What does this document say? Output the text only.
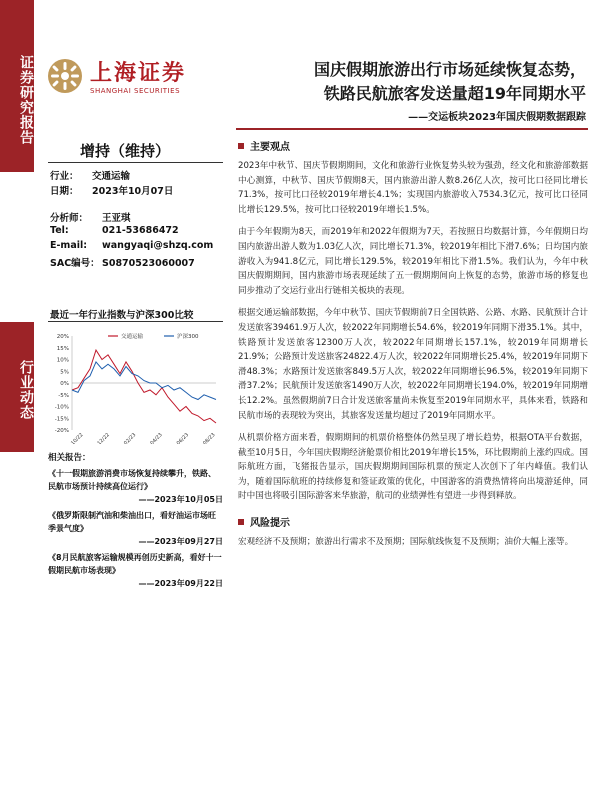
证券研究报告
行业动态
上海证券
SHANGHAI SECURITIES
国庆假期旅游出行市场延续恢复态势，
铁路民航旅客发送量超19年同期水平
——交运板块2023年国庆假期数据跟踪
增持（维持）
行业： 交通运输
日期： 2023年10月07日
分析师： 王亚琪
Tel:	021-53686472
E-mail: wangyaqi@shzq.com
SAC编号： S0870523060007
最近一年行业指数与沪深300比较
20%
15%
10%
5%
0%
-5%
-10%
-15%
-20%
10/22 12/22 02/23 04/23 06/23 08/23
交通运输	沪深300
相关报告：
《十一假期旅游消费市场恢复持续攀升，铁路、民航市场预计持续高位运行》
——2023年10月05日
《俄罗斯限制汽油和柴油出口，看好油运市场旺季景气度》
——2023年09月27日
《8月民航旅客运输规模再创历史新高，看好十一假期民航市场表现》
——2023年09月22日
主要观点
2023年中秋节、国庆节假期期间，文化和旅游行业恢复势头较为强劲，经文化和旅游部数据中心测算，中秋节、国庆节假期8天，国内旅游出游人数8.26亿人次，按可比口径同比增长71.3%，按可比口径较2019年增长4.1%；实现国内旅游收入7534.3亿元，按可比口径同比增长129.5%，按可比口径较2019年增长1.5%。
由于今年假期为8天，而2019年和2022年假期为7天，若按照日均数据计算，今年假期日均国内旅游出游人数为1.03亿人次，同比增长71.3%，较2019年相比下滑7.6%；日均国内旅游收入为941.8亿元，同比增长129.5%，较2019年相比下滑1.5%。我们认为，今年中秋国庆假期期间，国内旅游市场表现延续了五一假期期间向上恢复的态势，旅游市场的修复也同步推动了交运行业出行链相关板块的表现。
根据交通运输部数据，今年中秋节、国庆节假期前7日全国铁路、公路、水路、民航预计合计发送旅客39461.9万人次，较2022年同期增长54.6%，较2019年同期下滑35.1%。其中，铁路预计发送旅客12300万人次，较2022年同期增长157.1%，较2019年同期增长21.9%；公路预计发送旅客24822.4万人次，较2022年同期增长25.4%，较2019年同期下滑48.3%；水路预计发送旅客849.5万人次，较2022年同期增长96.5%，较2019年同期下滑37.2%；民航预计发送旅客1490万人次，较2022年同期增长194.0%，较2019年同期增长12.2%。虽然假期前7日合计发送旅客量尚未恢复至2019年同期水平，具体来看，铁路和民航市场的表现较为突出，其旅客发送量均超过了2019年同期水平。
从机票价格方面来看，假期期间的机票价格整体仍然呈现了增长趋势，根据OTA平台数据，截至10月5日，今年国庆假期经济舱票价相比2019年增长15%，环比假期前上涨约四成。国际航班方面，飞猪报告显示，国庆假期期间国际机票的预定人次创下了年内峰值。我们认为，随着国际航班的持续修复和签证政策的优化，中国游客的消费热情将向出境游延伸，同时中国也将吸引国际游客来华旅游，航司的业绩弹性有望进一步得到释放。
风险提示
宏观经济不及预期；旅游出行需求不及预期；国际航线恢复不及预期；油价大幅上涨等。
